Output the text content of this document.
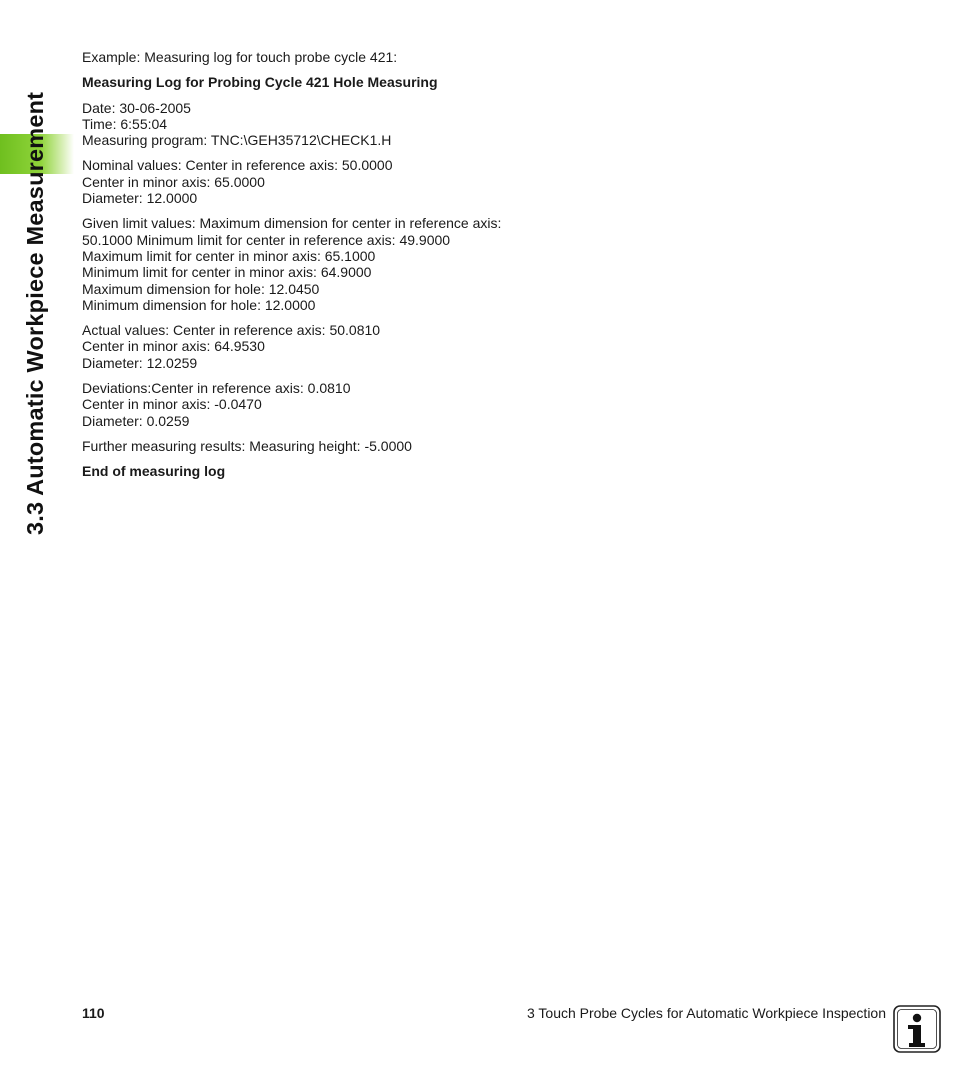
3.3 Automatic Workpiece Measurement
Example: Measuring log for touch probe cycle 421:
Measuring Log for Probing Cycle 421 Hole Measuring
Date: 30-06-2005
Time: 6:55:04
Measuring program: TNC:\GEH35712\CHECK1.H
Nominal values: Center in reference axis: 50.0000
Center in minor axis: 65.0000
Diameter: 12.0000
Given limit values: Maximum dimension for center in reference axis:
50.1000 Minimum limit for center in reference axis: 49.9000
Maximum limit for center in minor axis: 65.1000
Minimum limit for center in minor axis: 64.9000
Maximum dimension for hole: 12.0450
Minimum dimension for hole: 12.0000
Actual values: Center in reference axis: 50.0810
Center in minor axis: 64.9530
Diameter: 12.0259
Deviations:Center in reference axis: 0.0810
Center in minor axis: -0.0470
Diameter: 0.0259
Further measuring results: Measuring height: -5.0000
End of measuring log
110	3 Touch Probe Cycles for Automatic Workpiece Inspection
